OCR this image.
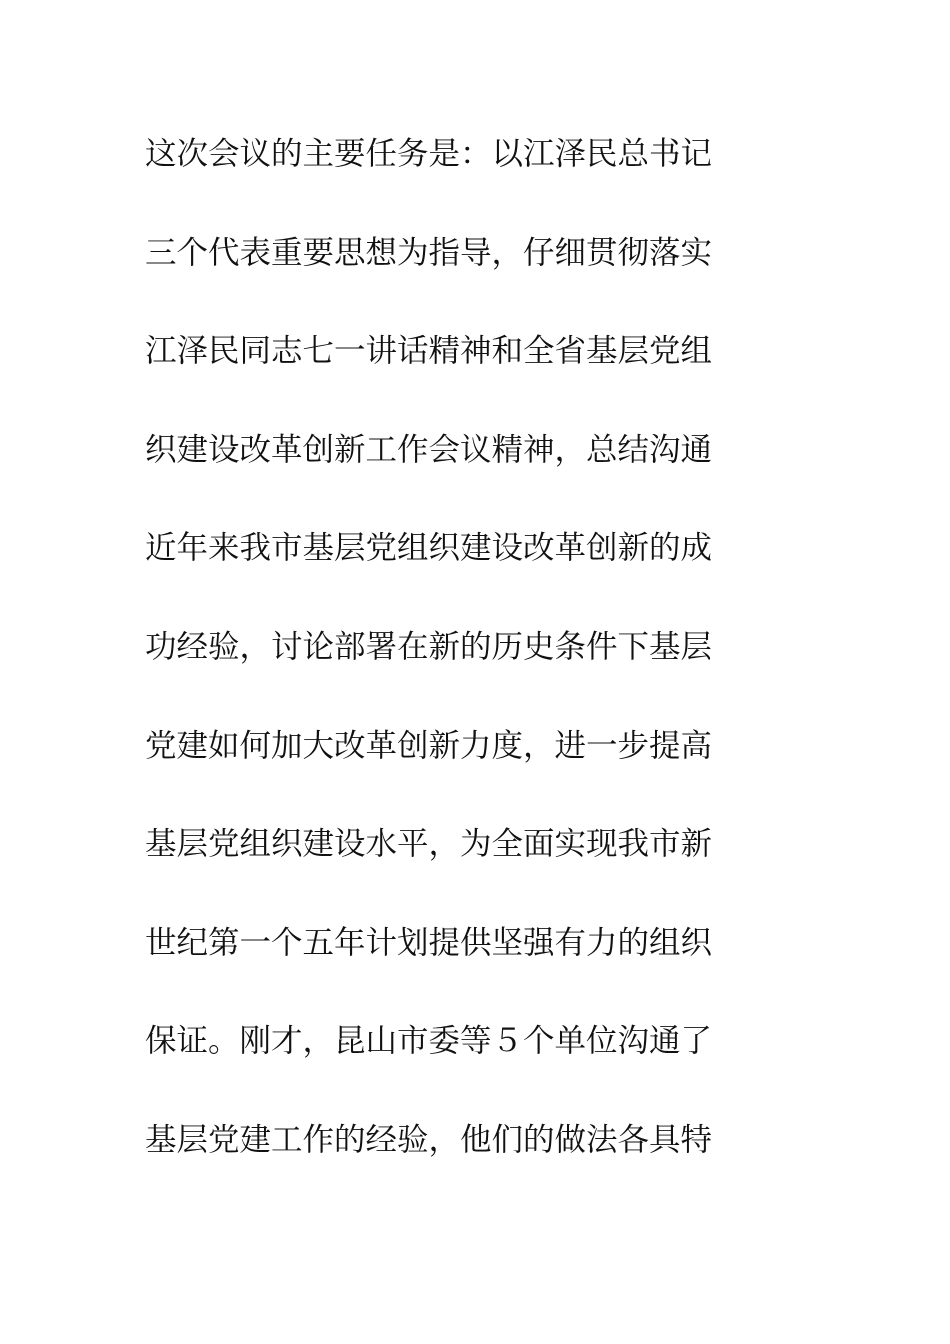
这次会议的主要任务是：以江泽民总书记
三个代表重要思想为指导，仔细贯彻落实
江泽民同志七一讲话精神和全省基层党组
织建设改革创新工作会议精神，总结沟通
近年来我市基层党组织建设改革创新的成
功经验，讨论部署在新的历史条件下基层
党建如何加大改革创新力度，进一步提高
基层党组织建设水平，为全面实现我市新
世纪第一个五年计划提供坚强有力的组织
保证。刚才，昆山市委等５个单位沟通了
基层党建工作的经验，他们的做法各具特
